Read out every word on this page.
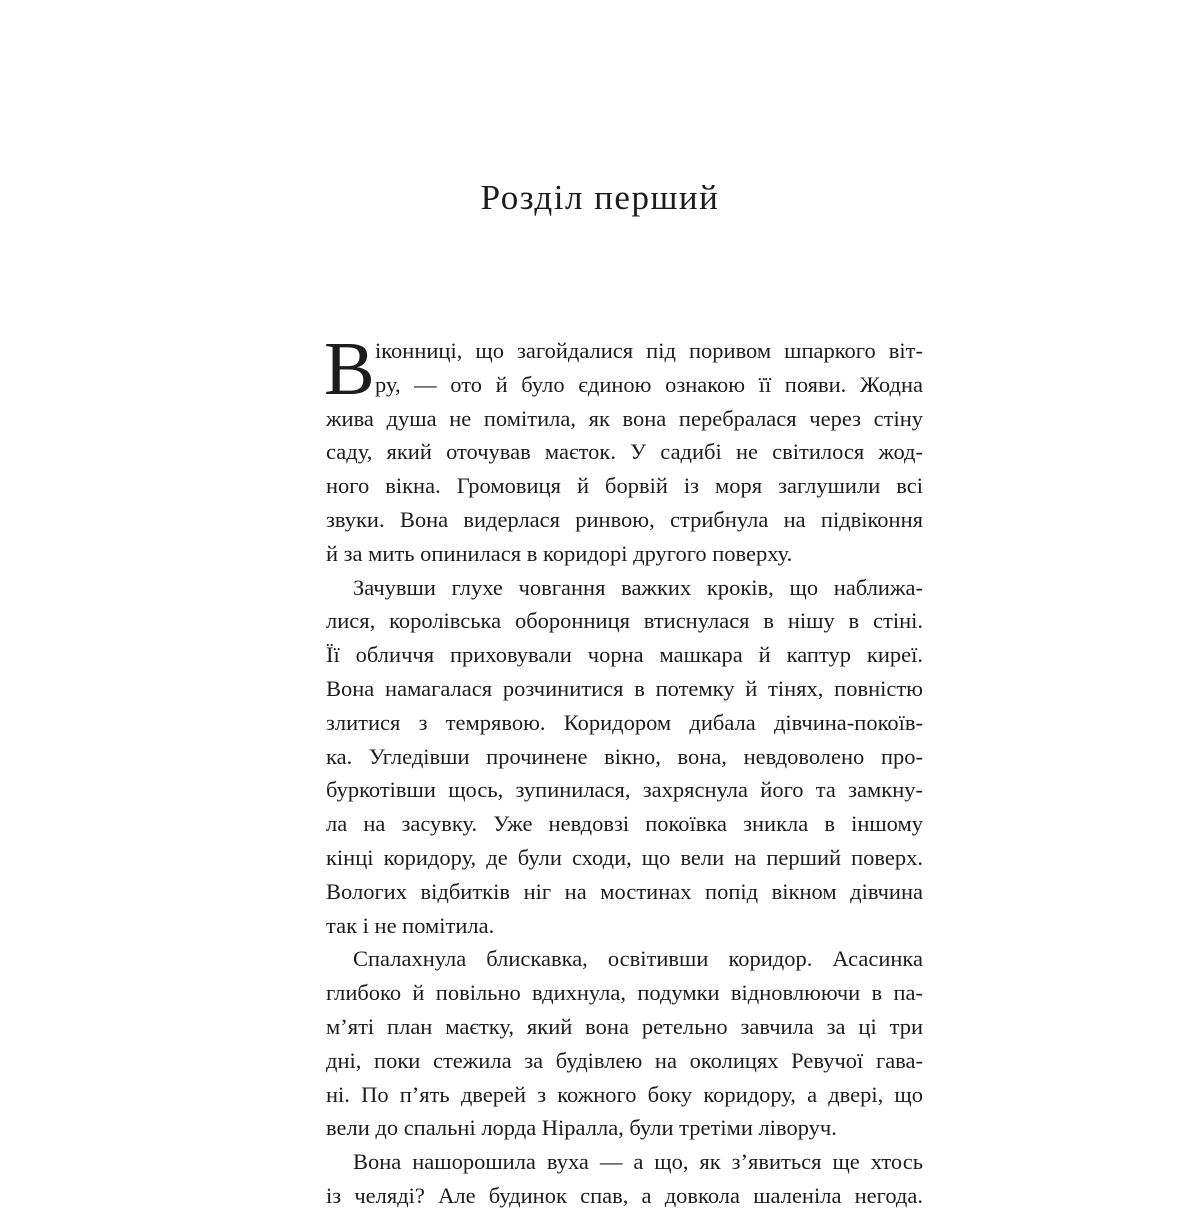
Розділ перший
В іконниці, що загойдалися під поривом шпаркого віт-
ру, — ото й було єдиною ознакою її появи. Жодна
жива душа не помітила, як вона перебралася через стіну
саду, який оточував маєток. У садибі не світилося жод-
ного вікна. Громовиця й борвій із моря заглушили всі
звуки. Вона видерлася ринвою, стрибнула на підвіконня
й за мить опинилася в коридорі другого поверху.
Зачувши глухе човгання важких кроків, що наближа-
лися, королівська оборонниця втиснулася в нішу в стіні.
Її обличчя приховували чорна машкара й каптур киреї.
Вона намагалася розчинитися в потемку й тінях, повністю
злитися з темрявою. Коридором дибала дівчина-покоїв-
ка. Угледівши прочинене вікно, вона, невдоволено про-
буркотівши щось, зупинилася, захряснула його та замкну-
ла на засувку. Уже невдовзі покоївка зникла в іншому
кінці коридору, де були сходи, що вели на перший поверх.
Вологих відбитків ніг на мостинах попід вікном дівчина
так і не помітила.
Спалахнула блискавка, освітивши коридор. Асасинка
глибоко й повільно вдихнула, подумки відновлюючи в па-
м’яті план маєтку, який вона ретельно завчила за ці три
дні, поки стежила за будівлею на околицях Ревучої гава-
ні. По п’ять дверей з кожного боку коридору, а двері, що
вели до спальні лорда Ніралла, були третіми ліворуч.
Вона нашорошила вуха — а що, як з’явиться ще хтось
із челяді? Але будинок спав, а довкола шаленіла негода.
